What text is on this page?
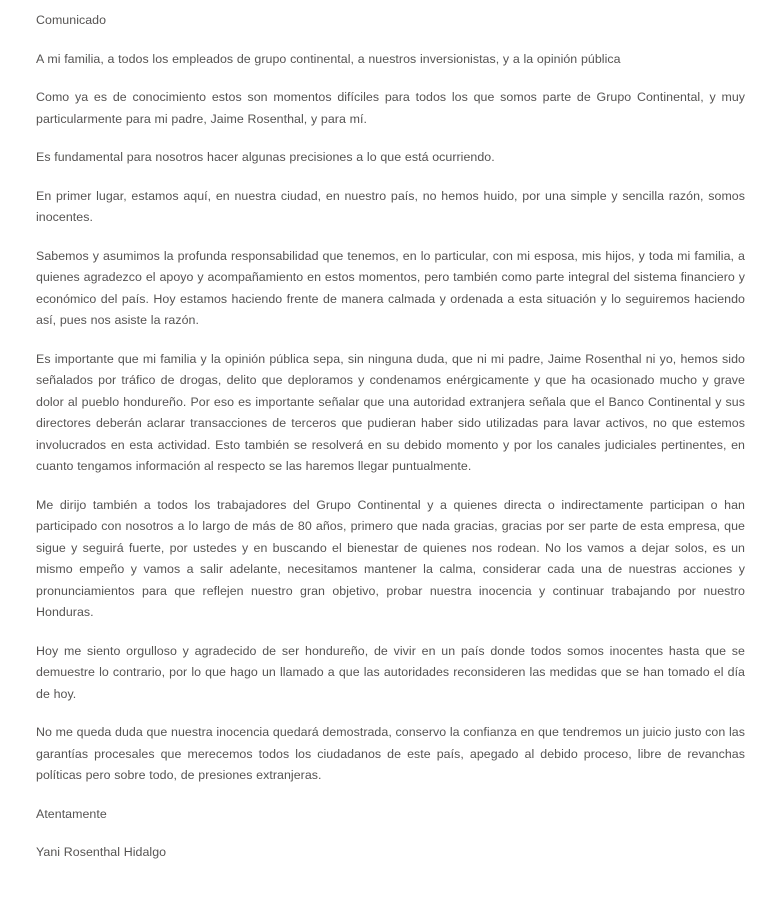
Comunicado

A mi familia, a todos los empleados de grupo continental, a nuestros inversionistas, y a la opinión pública

Como ya es de conocimiento estos son momentos difíciles para todos los que somos parte de Grupo Continental, y muy particularmente para mi padre, Jaime Rosenthal, y para mí.

Es fundamental para nosotros hacer algunas precisiones a lo que está ocurriendo.

En primer lugar, estamos aquí, en nuestra ciudad, en nuestro país, no hemos huido, por una simple y sencilla razón, somos inocentes.

Sabemos y asumimos la profunda responsabilidad que tenemos, en lo particular, con mi esposa, mis hijos, y toda mi familia, a quienes agradezco el apoyo y acompañamiento en estos momentos, pero también como parte integral del sistema financiero y económico del país. Hoy estamos haciendo frente de manera calmada y ordenada a esta situación y lo seguiremos haciendo así, pues nos asiste la razón.

Es importante que mi familia y la opinión pública sepa, sin ninguna duda, que ni mi padre, Jaime Rosenthal ni yo, hemos sido señalados por tráfico de drogas, delito que deploramos y condenamos enérgicamente y que ha ocasionado mucho y grave dolor al pueblo hondureño. Por eso es importante señalar que una autoridad extranjera señala que el Banco Continental y sus directores deberán aclarar transacciones de terceros que pudieran haber sido utilizadas para lavar activos, no que estemos involucrados en esta actividad. Esto también se resolverá en su debido momento y por los canales judiciales pertinentes, en cuanto tengamos información al respecto se las haremos llegar puntualmente.

Me dirijo también a todos los trabajadores del Grupo Continental y a quienes directa o indirectamente participan o han participado con nosotros a lo largo de más de 80 años, primero que nada gracias, gracias por ser parte de esta empresa, que sigue y seguirá fuerte, por ustedes y en buscando el bienestar de quienes nos rodean. No los vamos a dejar solos, es un mismo empeño y vamos a salir adelante, necesitamos mantener la calma, considerar cada una de nuestras acciones y pronunciamientos para que reflejen nuestro gran objetivo, probar nuestra inocencia y continuar trabajando por nuestro Honduras.

Hoy me siento orgulloso y agradecido de ser hondureño, de vivir en un país donde todos somos inocentes hasta que se demuestre lo contrario, por lo que hago un llamado a que las autoridades reconsideren las medidas que se han tomado el día de hoy.

No me queda duda que nuestra inocencia quedará demostrada, conservo la confianza en que tendremos un juicio justo con las garantías procesales que merecemos todos los ciudadanos de este país, apegado al debido proceso, libre de revanchas políticas pero sobre todo, de presiones extranjeras.

Atentamente

Yani Rosenthal Hidalgo
